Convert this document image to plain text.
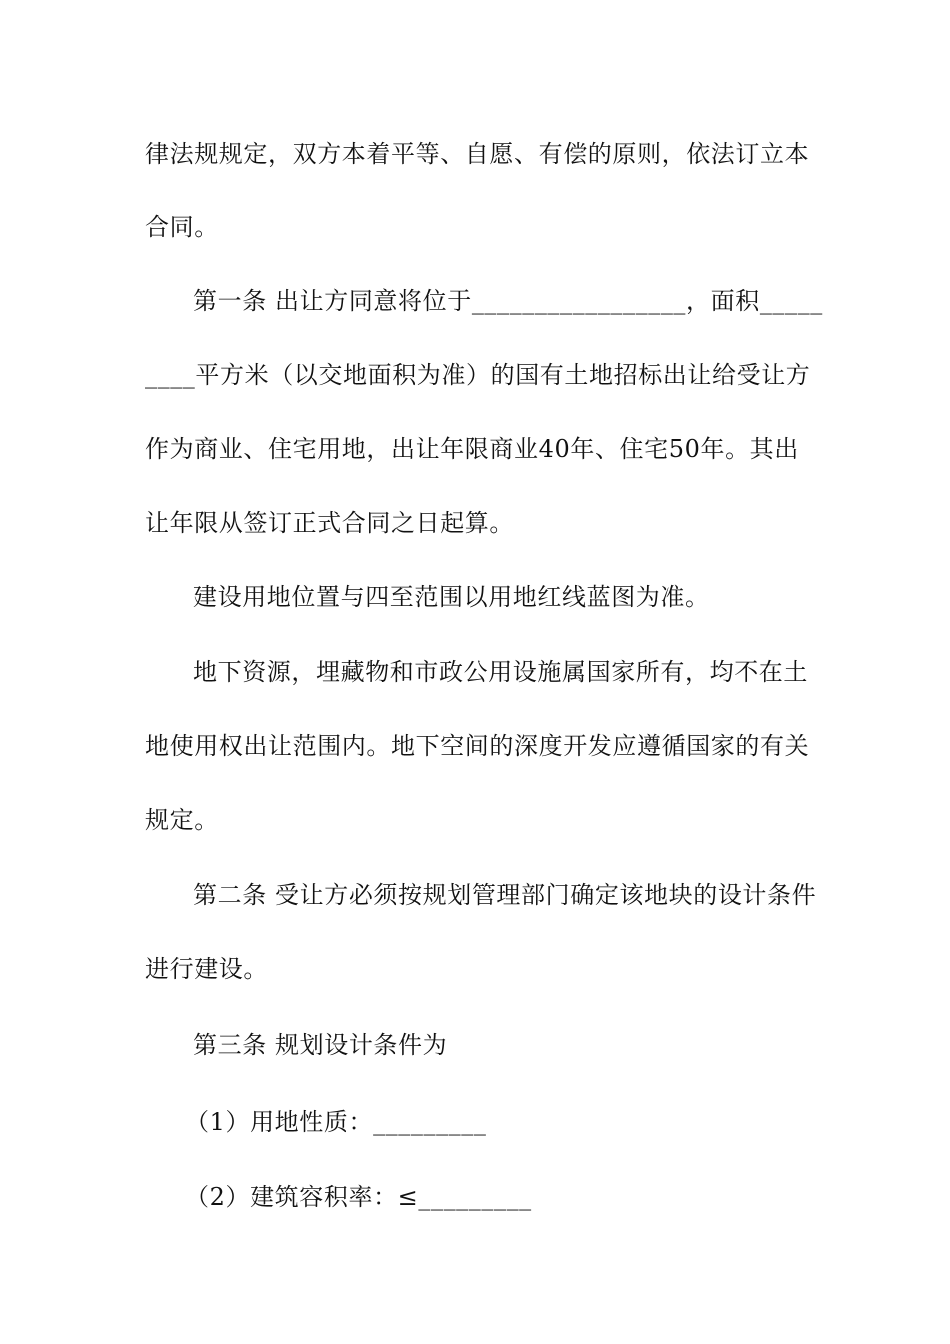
律法规规定，双方本着平等、自愿、有偿的原则，依法订立本
合同。
第一条 出让方同意将位于_________________，面积_____
____平方米（以交地面积为准）的国有土地招标出让给受让方
作为商业、住宅用地，出让年限商业40年、住宅50年。其出
让年限从签订正式合同之日起算。
建设用地位置与四至范围以用地红线蓝图为准。
地下资源，埋藏物和市政公用设施属国家所有，均不在土
地使用权出让范围内。地下空间的深度开发应遵循国家的有关
规定。
第二条 受让方必须按规划管理部门确定该地块的设计条件
进行建设。
第三条 规划设计条件为
（1）用地性质：_________
（2）建筑容积率：≤_________
